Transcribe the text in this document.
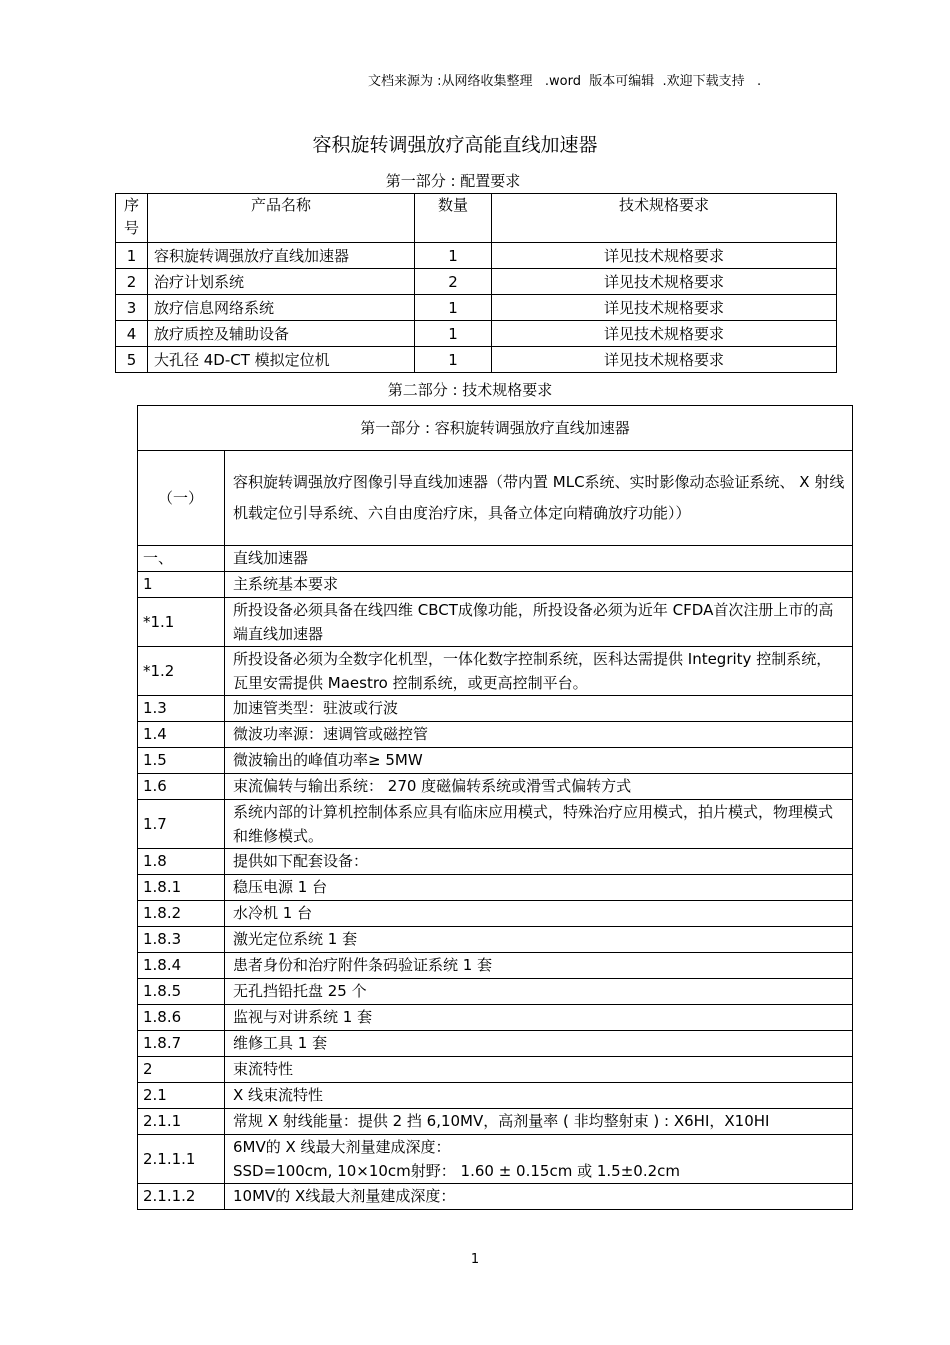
文档来源为 :从网络收集整理   .word  版本可编辑  .欢迎下载支持   .
容积旋转调强放疗高能直线加速器
第一部分 : 配置要求
序
号	产品名称	数量	技术规格要求
1	容积旋转调强放疗直线加速器	1	详见技术规格要求
2	治疗计划系统	2	详见技术规格要求
3	放疗信息网络系统	1	详见技术规格要求
4	放疗质控及辅助设备	1	详见技术规格要求
5	大孔径 4D-CT 模拟定位机	1	详见技术规格要求
第二部分 : 技术规格要求
第一部分 : 容积旋转调强放疗直线加速器	
（一）	容积旋转调强放疗图像引导直线加速器（带内置 MLC系统、实时影像动态验证系统、 X 射线机载定位引导系统、六自由度治疗床，具备立体定向精确放疗功能））
一、	直线加速器
1	主系统基本要求
*1.1	所投设备必须具备在线四维 CBCT成像功能，所投设备必须为近年 CFDA首次注册上市的高端直线加速器
*1.2	所投设备必须为全数字化机型，一体化数字控制系统，医科达需提供 Integrity 控制系统，瓦里安需提供 Maestro 控制系统，或更高控制平台。
1.3	加速管类型：驻波或行波
1.4	微波功率源：速调管或磁控管
1.5	微波输出的峰值功率≥ 5MW
1.6	束流偏转与输出系统： 270 度磁偏转系统或滑雪式偏转方式
1.7	系统内部的计算机控制体系应具有临床应用模式，特殊治疗应用模式，拍片模式，物理模式和维修模式。
1.8	提供如下配套设备：
1.8.1	稳压电源 1 台
1.8.2	水冷机 1 台
1.8.3	激光定位系统 1 套
1.8.4	患者身份和治疗附件条码验证系统 1 套
1.8.5	无孔挡铅托盘 25 个
1.8.6	监视与对讲系统 1 套
1.8.7	维修工具 1 套
2	束流特性
2.1	X 线束流特性
2.1.1	常规 X 射线能量：提供 2 挡 6,10MV，高剂量率 ( 非均整射束 ) : X6HI，X10HI
2.1.1.1	6MV的 X 线最大剂量建成深度：
SSD=100cm, 10×10cm射野： 1.60 ± 0.15cm 或 1.5±0.2cm
2.1.1.2	10MV的 X线最大剂量建成深度：
1
